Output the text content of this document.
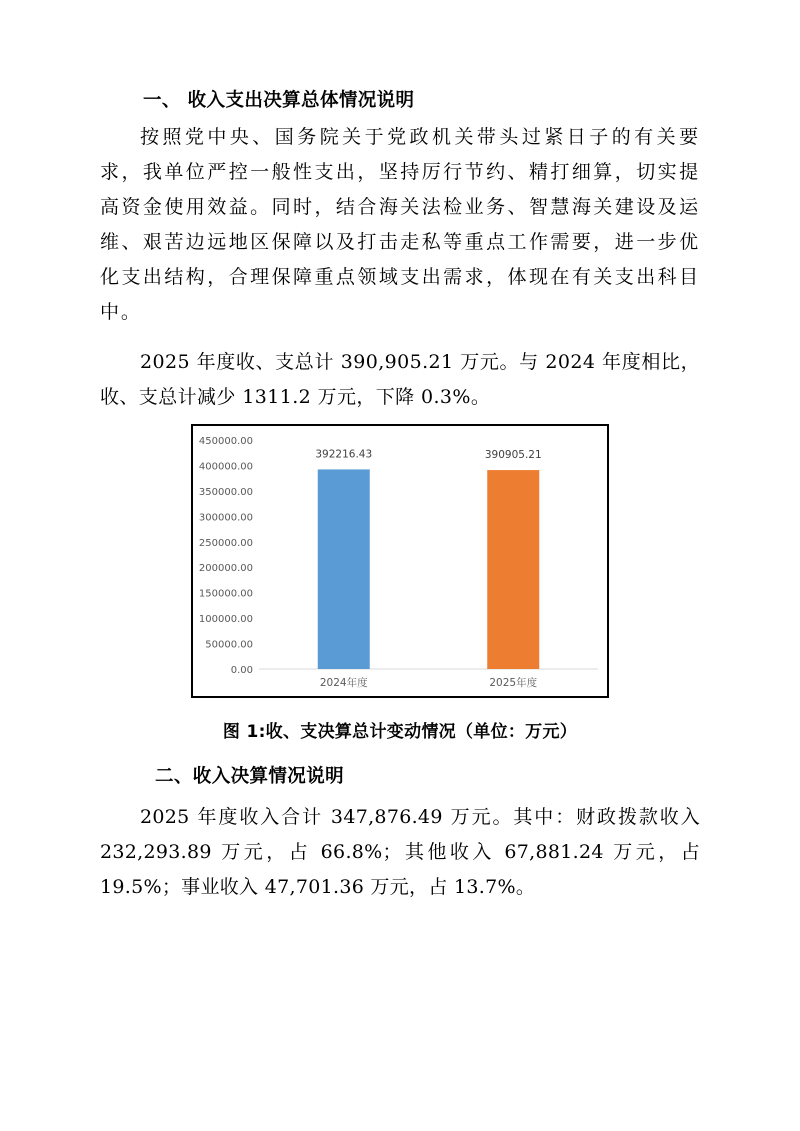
一、 收入支出决算总体情况说明

按照党中央、国务院关于党政机关带头过紧日子的有关要求，我单位严控一般性支出，坚持厉行节约、精打细算，切实提高资金使用效益。同时，结合海关法检业务、智慧海关建设及运维、艰苦边远地区保障以及打击走私等重点工作需要，进一步优化支出结构，合理保障重点领域支出需求，体现在有关支出科目中。

2025 年度收、支总计 390,905.21 万元。与 2024 年度相比，收、支总计减少 1311.2 万元，下降 0.3%。

0.00
50000.00
100000.00
150000.00
200000.00
250000.00
300000.00
350000.00
400000.00
450000.00
392216.43
2024年度
390905.21
2025年度
图 1:收、支决算总计变动情况（单位：万元）
二、收入决算情况说明

2025 年度收入合计 347,876.49 万元。其中：财政拨款收入 232,293.89 万元，占 66.8%；其他收入 67,881.24 万元，占 19.5%；事业收入 47,701.36 万元，占 13.7%。
